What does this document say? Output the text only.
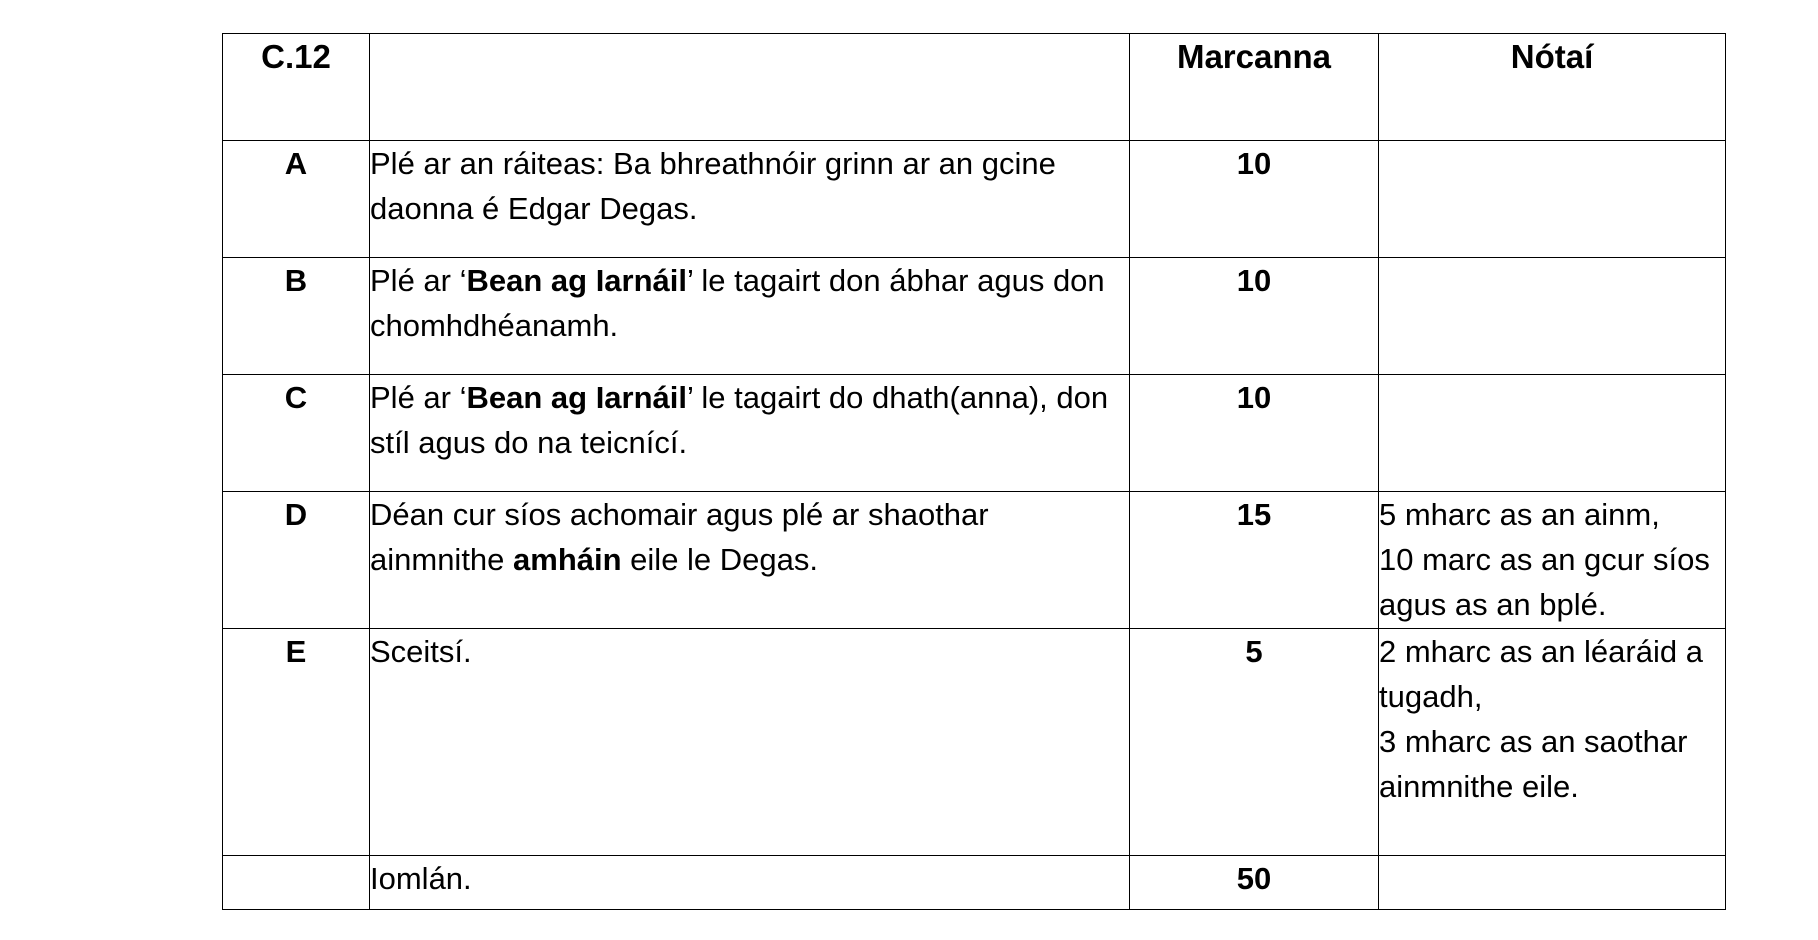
C.12		Marcanna	Nótaí
A	Plé ar an ráiteas: Ba bhreathnóir grinn ar an gcine daonna é Edgar Degas.	10	
B	Plé ar ‘Bean ag Iarnáil’ le tagairt don ábhar agus don chomhdhéanamh.	10	
C	Plé ar ‘Bean ag Iarnáil’ le tagairt do dhath(anna), don stíl agus do na teicnící.	10	
D	Déan cur síos achomair agus plé ar shaothar ainmnithe amháin eile le Degas.	15	5 mharc as an ainm,
10 marc as an gcur síos agus as an bplé.

E	Sceitsí.	5	2 mharc as an léaráid a tugadh,
3 mharc as an saothar ainmnithe eile.

	Iomlán.	50	
